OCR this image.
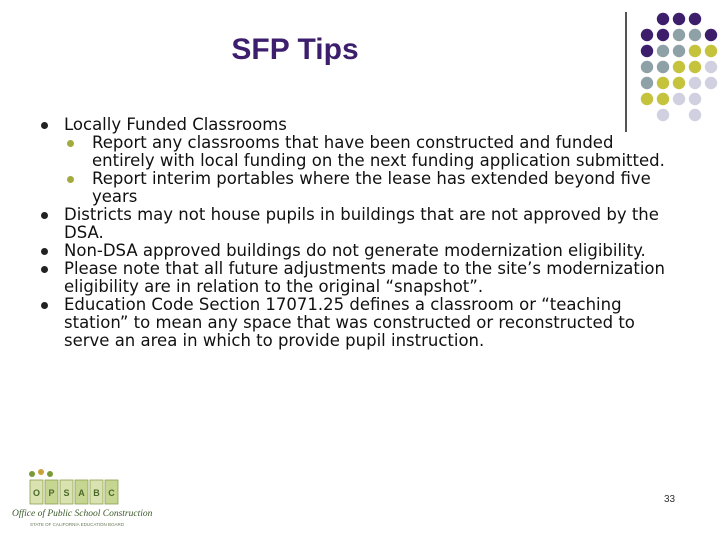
SFP Tips
Locally Funded Classrooms
Report any classrooms that have been constructed and funded entirely with local funding on the next funding application submitted.
Report interim portables where the lease has extended beyond five years
Districts may not house pupils in buildings that are not approved by the DSA.
Non-DSA approved buildings do not generate modernization eligibility.
Please note that all future adjustments made to the site’s modernization eligibility are in relation to the original “snapshot”.
Education Code Section 17071.25 defines a classroom or “teaching station” to mean any space that was constructed or reconstructed to serve an area in which to provide pupil instruction.
O P S A B C
Office of Public School Construction
STATE OF CALIFORNIA EDUCATION BOARD
33
